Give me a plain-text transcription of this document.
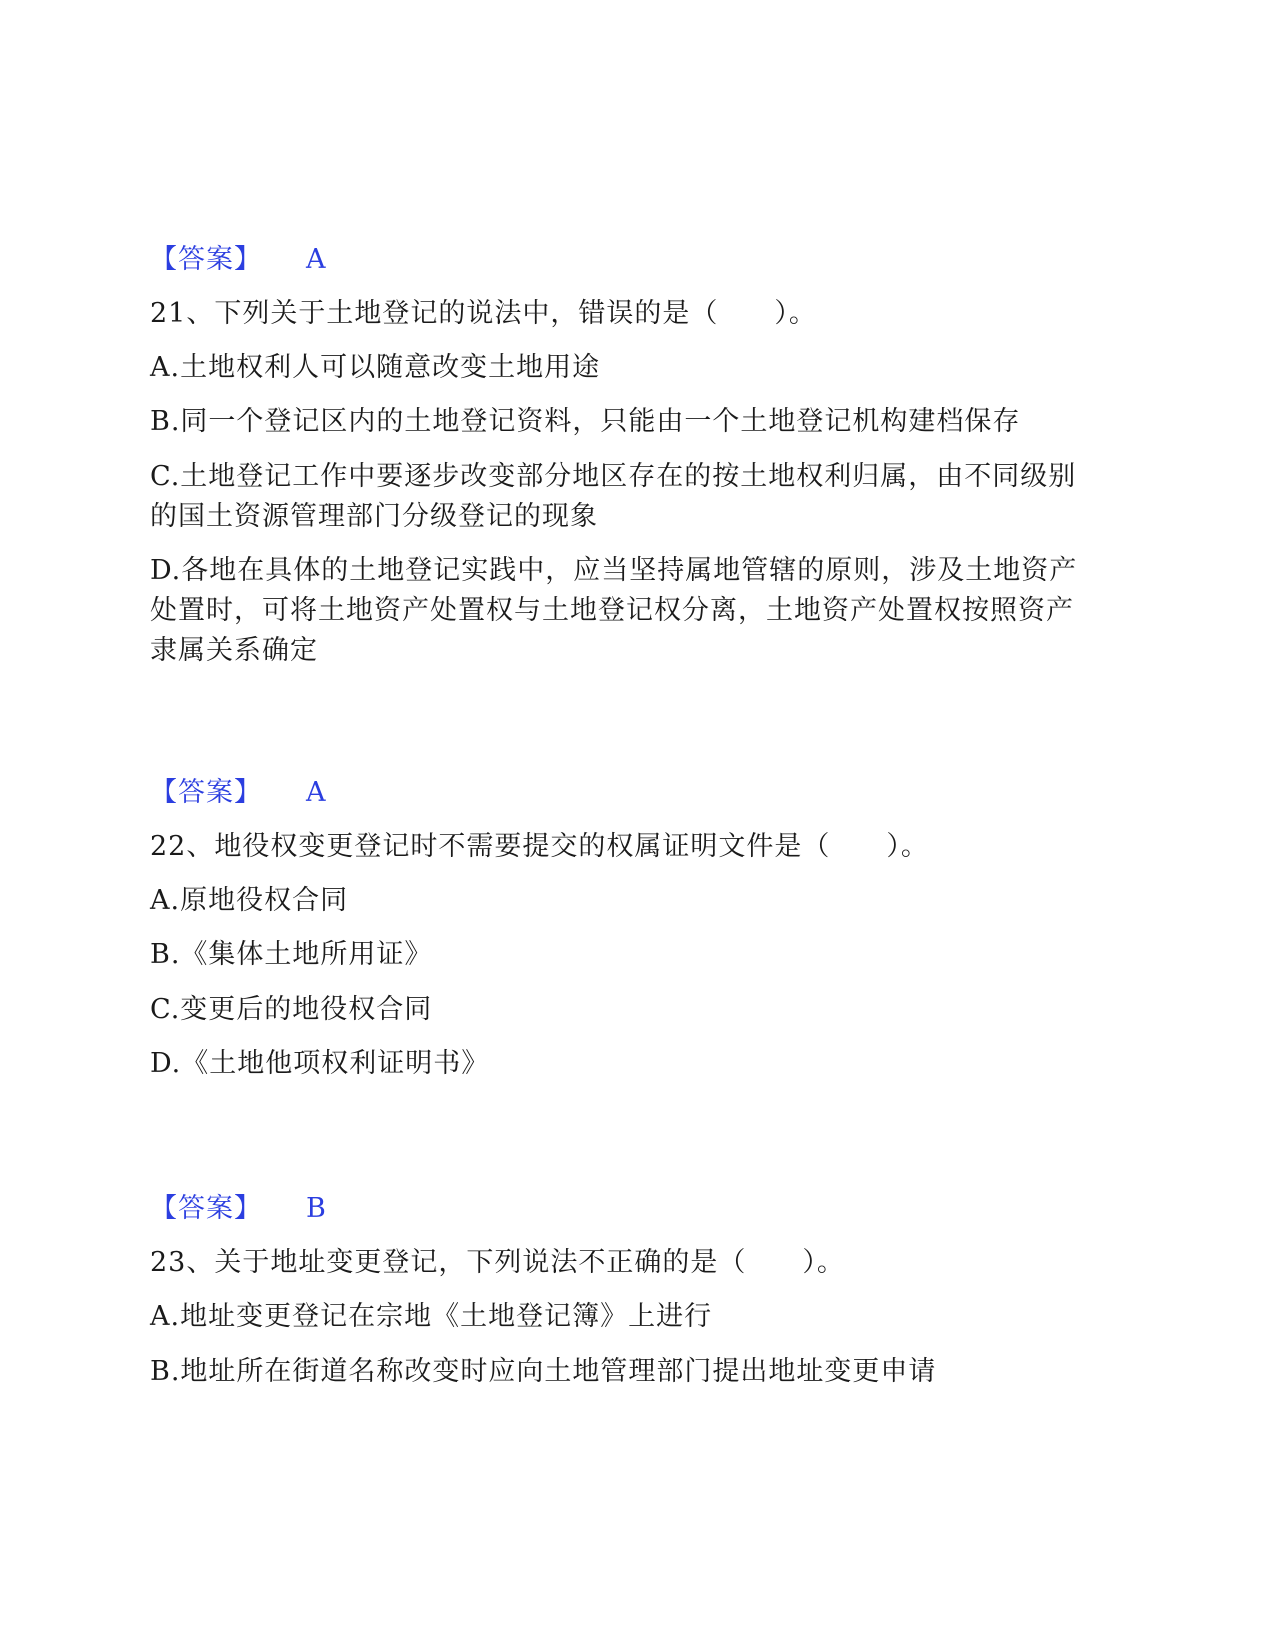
【答案】 A
21、下列关于土地登记的说法中，错误的是（　　）。
A.土地权利人可以随意改变土地用途
B.同一个登记区内的土地登记资料，只能由一个土地登记机构建档保存
C.土地登记工作中要逐步改变部分地区存在的按土地权利归属，由不同级别
的国土资源管理部门分级登记的现象
D.各地在具体的土地登记实践中，应当坚持属地管辖的原则，涉及土地资产
处置时，可将土地资产处置权与土地登记权分离，土地资产处置权按照资产
隶属关系确定
【答案】 A
22、地役权变更登记时不需要提交的权属证明文件是（　　）。
A.原地役权合同
B.《集体土地所用证》
C.变更后的地役权合同
D.《土地他项权利证明书》
【答案】 B
23、关于地址变更登记，下列说法不正确的是（　　）。
A.地址变更登记在宗地《土地登记簿》上进行
B.地址所在街道名称改变时应向土地管理部门提出地址变更申请
